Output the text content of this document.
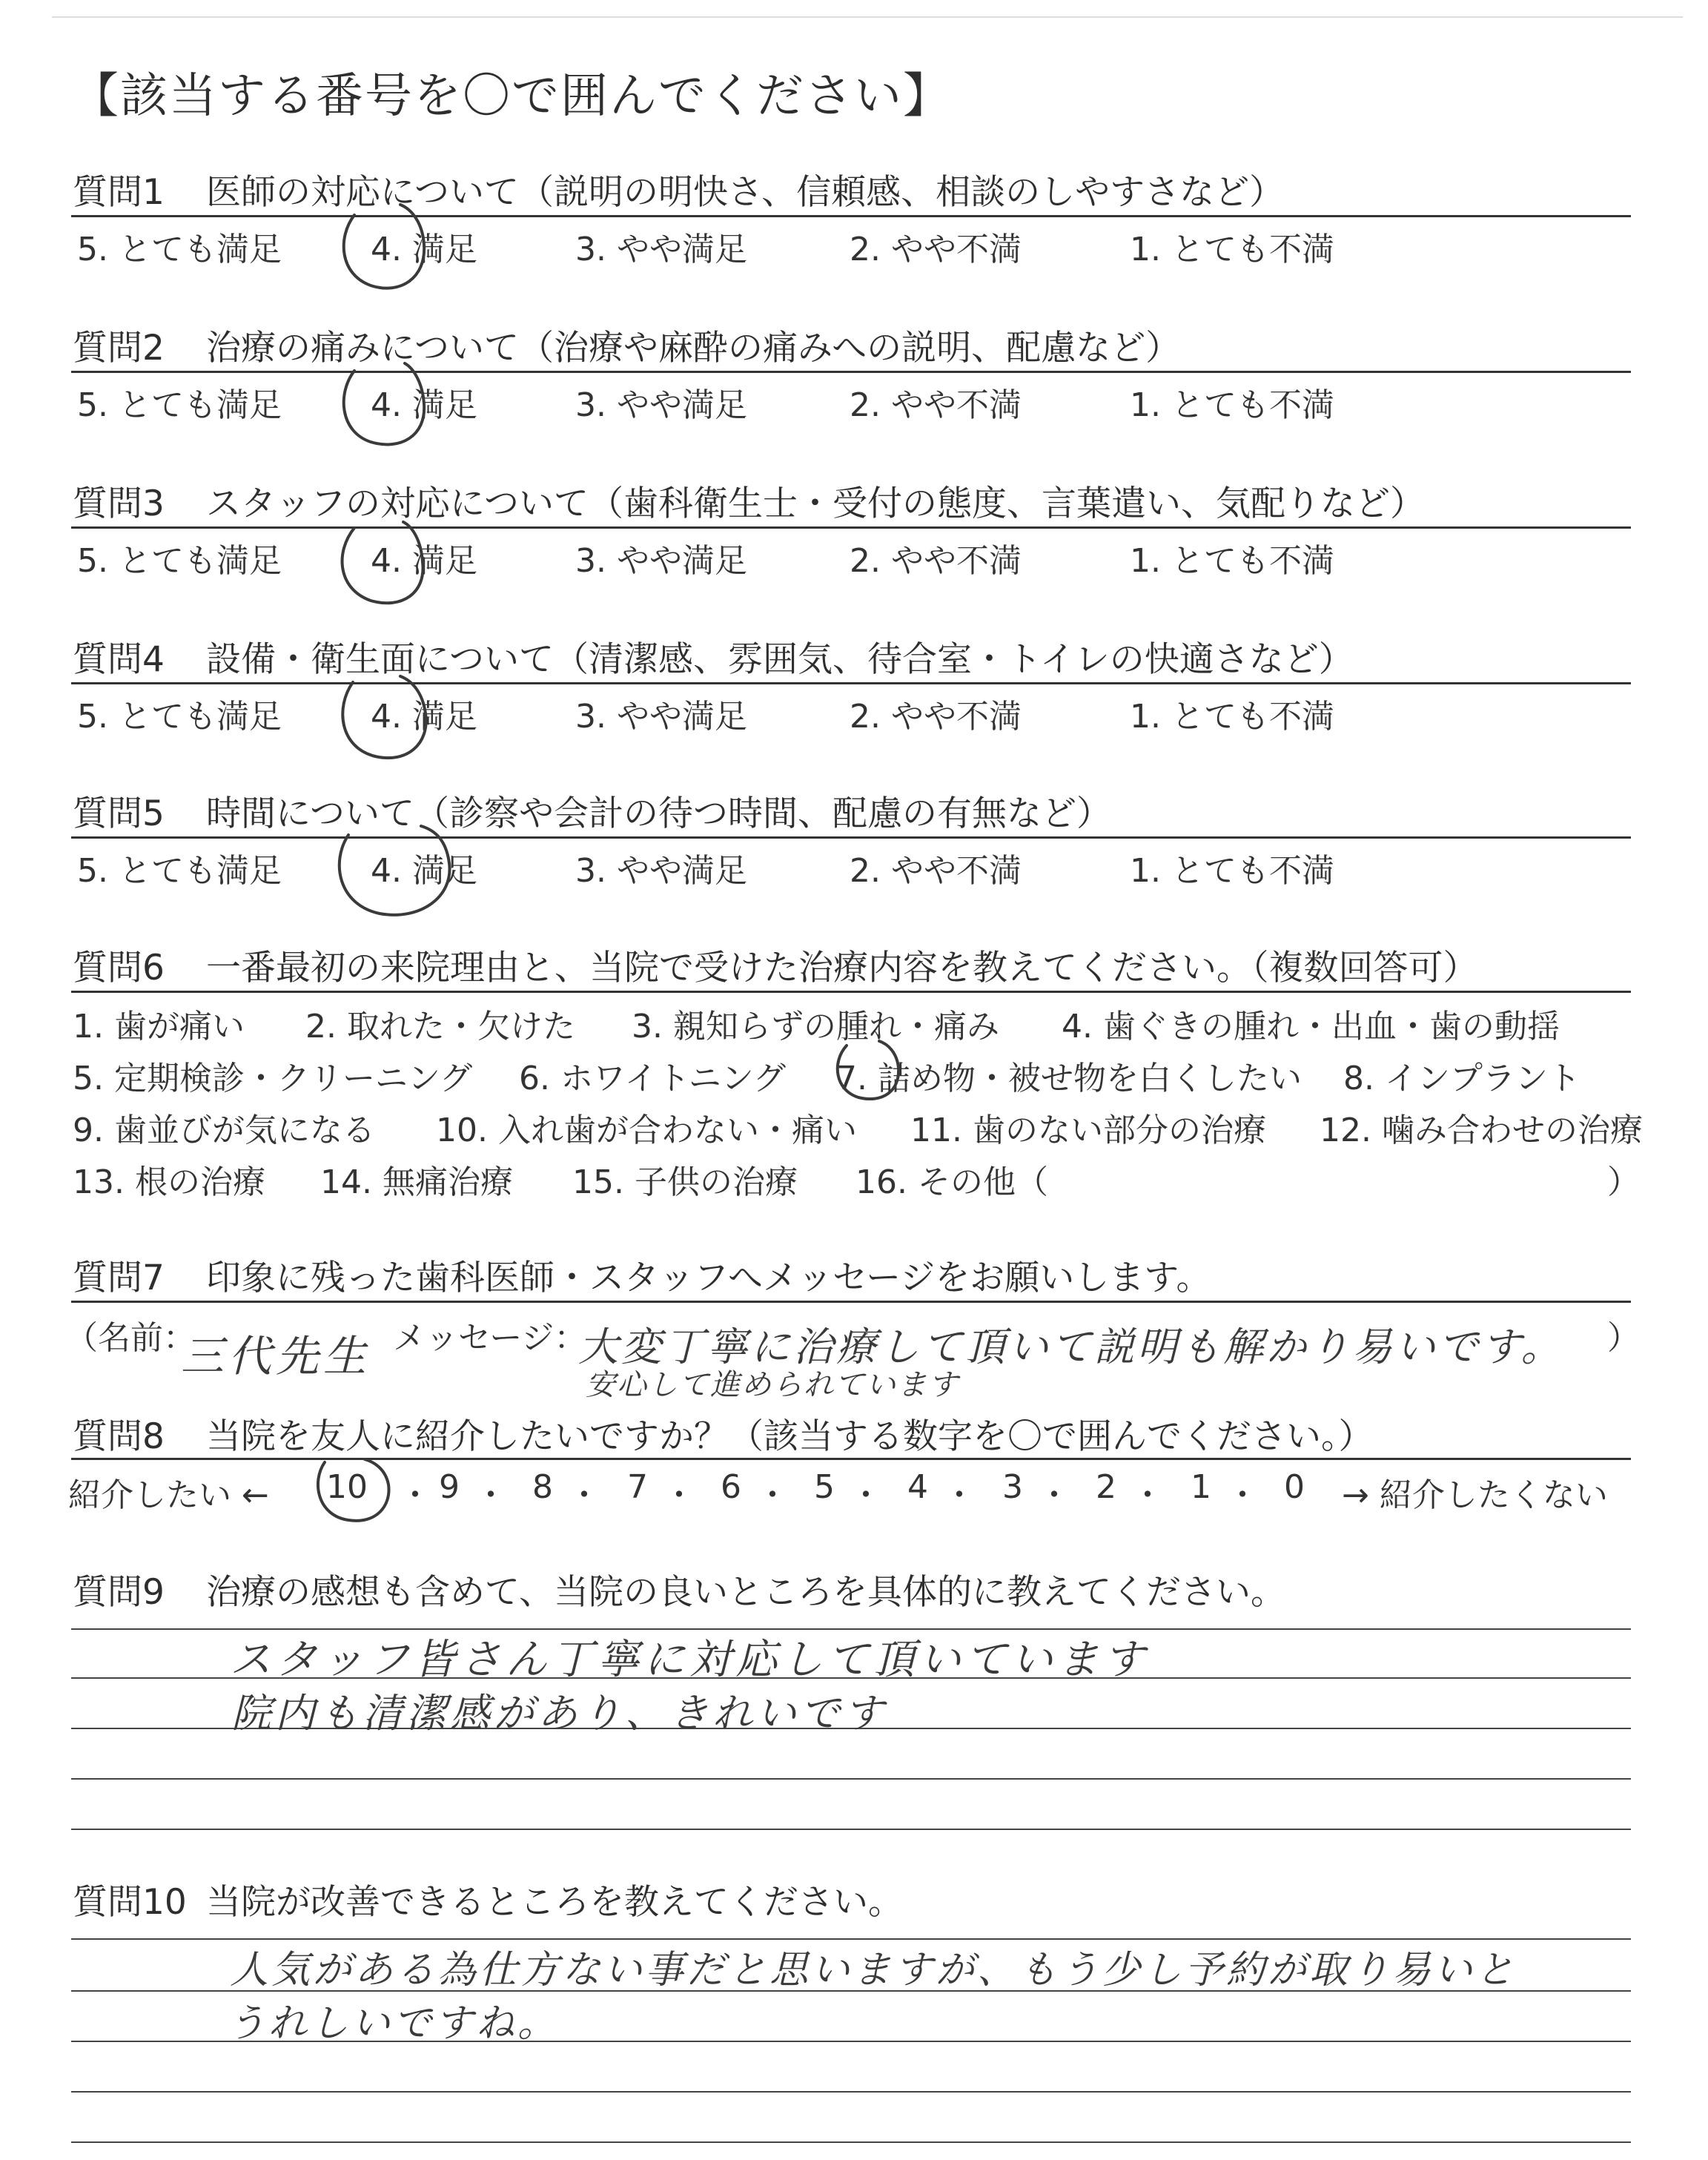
【該当する番号を〇で囲んでください】
質問1 医師の対応について（説明の明快さ、信頼感、相談のしやすさなど）
5. とても満足	4. 満足	3. やや満足	2. やや不満	1. とても不満
質問2 治療の痛みについて（治療や麻酔の痛みへの説明、配慮など）
5. とても満足	4. 満足	3. やや満足	2. やや不満	1. とても不満
質問3 スタッフの対応について（歯科衛生士・受付の態度、言葉遣い、気配りなど）
5. とても満足	4. 満足	3. やや満足	2. やや不満	1. とても不満
質問4 設備・衛生面について（清潔感、雰囲気、待合室・トイレの快適さなど）
5. とても満足	4. 満足	3. やや満足	2. やや不満	1. とても不満
質問5 時間について（診察や会計の待つ時間、配慮の有無など）
5. とても満足	4. 満足	3. やや満足	2. やや不満	1. とても不満
質問6 一番最初の来院理由と、当院で受けた治療内容を教えてください。（複数回答可）
1. 歯が痛い 2. 取れた・欠けた 3. 親知らずの腫れ・痛み 4. 歯ぐきの腫れ・出血・歯の動揺
5. 定期検診・クリーニング 6. ホワイトニング 7. 詰め物・被せ物を白くしたい 8. インプラント
9. 歯並びが気になる 10. 入れ歯が合わない・痛い 11. 歯のない部分の治療 12. 噛み合わせの治療
13. 根の治療 14. 無痛治療 15. 子供の治療 16. その他（	）
質問7 印象に残った歯科医師・スタッフへメッセージをお願いします。
（名前：
三代先生 メッセージ：
大変丁寧に治療して頂いて説明も解かり易いです。
安心して進められています
）
質問8 当院を友人に紹介したいですか？（該当する数字を〇で囲んでください。）
紹介したい ← 10 ・ 9 ・ 8 ・ 7 ・ 6 ・ 5 ・ 4 ・ 3 ・ 2 ・ 1 ・ 0 → 紹介したくない
質問9 治療の感想も含めて、当院の良いところを具体的に教えてください。
スタッフ皆さん丁寧に対応して頂いています
院内も清潔感があり、きれいです
質問10 当院が改善できるところを教えてください。
人気がある為仕方ない事だと思いますが、もう少し予約が取り易いと
うれしいですね。
